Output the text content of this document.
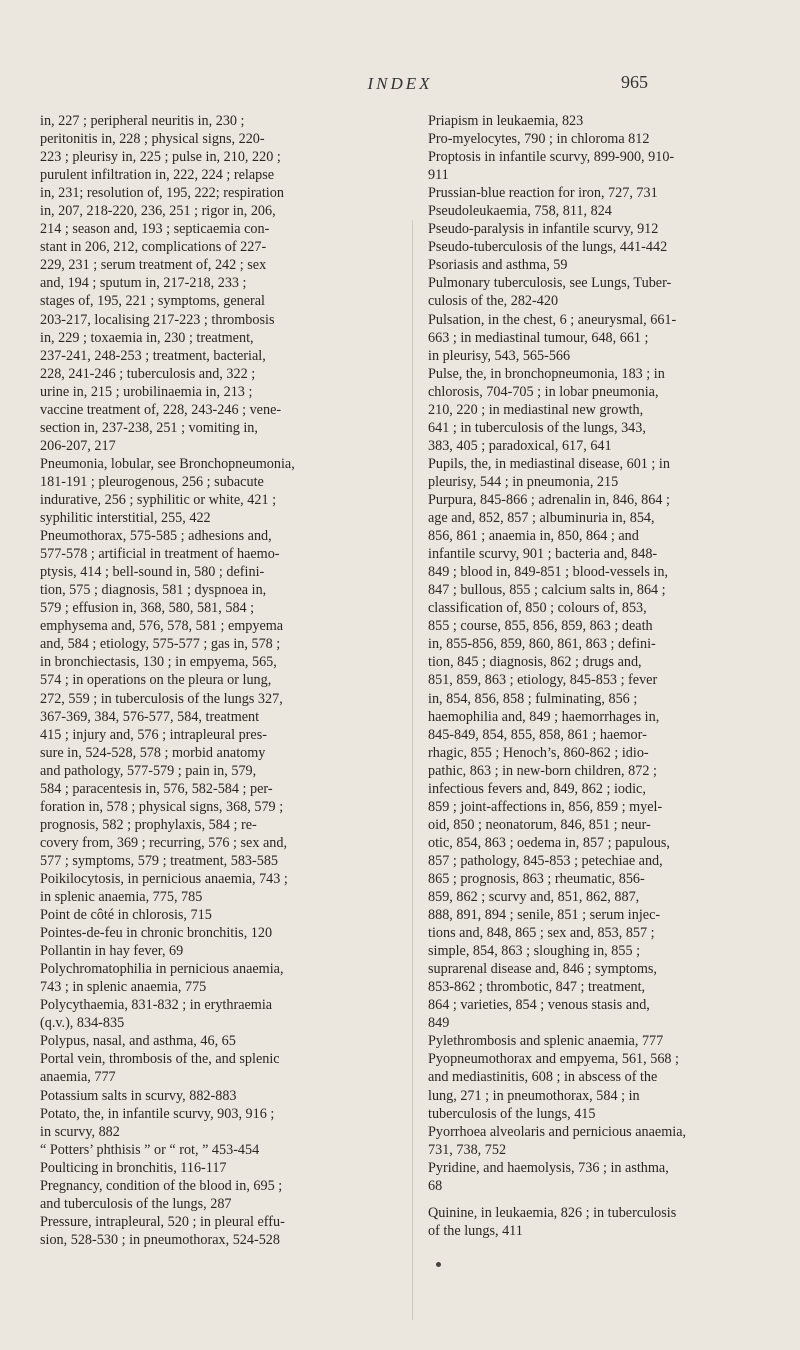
INDEX	965

in, 227 ; peripheral neuritis in, 230 ;
peritonitis in, 228 ; physical signs, 220-
223 ; pleurisy in, 225 ; pulse in, 210, 220 ;
purulent infiltration in, 222, 224 ; relapse
in, 231; resolution of, 195, 222; respiration
in, 207, 218-220, 236, 251 ; rigor in, 206,
214 ; season and, 193 ; septicaemia con-
stant in 206, 212, complications of 227-
229, 231 ; serum treatment of, 242 ; sex
and, 194 ; sputum in, 217-218, 233 ;
stages of, 195, 221 ; symptoms, general
203-217, localising 217-223 ; thrombosis
in, 229 ; toxaemia in, 230 ; treatment,
237-241, 248-253 ; treatment, bacterial,
228, 241-246 ; tuberculosis and, 322 ;
urine in, 215 ; urobilinaemia in, 213 ;
vaccine treatment of, 228, 243-246 ; vene-
section in, 237-238, 251 ; vomiting in,
206-207, 217

Pneumonia, lobular, see Bronchopneumonia,
181-191 ; pleurogenous, 256 ; subacute
indurative, 256 ; syphilitic or white, 421 ;
syphilitic interstitial, 255, 422

Pneumothorax, 575-585 ; adhesions and,
577-578 ; artificial in treatment of haemo-
ptysis, 414 ; bell-sound in, 580 ; defini-
tion, 575 ; diagnosis, 581 ; dyspnoea in,
579 ; effusion in, 368, 580, 581, 584 ;
emphysema and, 576, 578, 581 ; empyema
and, 584 ; etiology, 575-577 ; gas in, 578 ;
in bronchiectasis, 130 ; in empyema, 565,
574 ; in operations on the pleura or lung,
272, 559 ; in tuberculosis of the lungs 327,
367-369, 384, 576-577, 584, treatment
415 ; injury and, 576 ; intrapleural pres-
sure in, 524-528, 578 ; morbid anatomy
and pathology, 577-579 ; pain in, 579,
584 ; paracentesis in, 576, 582-584 ; per-
foration in, 578 ; physical signs, 368, 579 ;
prognosis, 582 ; prophylaxis, 584 ; re-
covery from, 369 ; recurring, 576 ; sex and,
577 ; symptoms, 579 ; treatment, 583-585

Poikilocytosis, in pernicious anaemia, 743 ;
in splenic anaemia, 775, 785

Point de côté in chlorosis, 715

Pointes-de-feu in chronic bronchitis, 120

Pollantin in hay fever, 69

Polychromatophilia in pernicious anaemia,
743 ; in splenic anaemia, 775

Polycythaemia, 831-832 ; in erythraemia
(q.v.), 834-835

Polypus, nasal, and asthma, 46, 65

Portal vein, thrombosis of the, and splenic
anaemia, 777

Potassium salts in scurvy, 882-883

Potato, the, in infantile scurvy, 903, 916 ;
in scurvy, 882

“ Potters’ phthisis ” or “ rot, ” 453-454

Poulticing in bronchitis, 116-117

Pregnancy, condition of the blood in, 695 ;
and tuberculosis of the lungs, 287

Pressure, intrapleural, 520 ; in pleural effu-
sion, 528-530 ; in pneumothorax, 524-528

Priapism in leukaemia, 823

Pro-myelocytes, 790 ; in chloroma 812

Proptosis in infantile scurvy, 899-900, 910-
911

Prussian-blue reaction for iron, 727, 731

Pseudoleukaemia, 758, 811, 824

Pseudo-paralysis in infantile scurvy, 912

Pseudo-tuberculosis of the lungs, 441-442

Psoriasis and asthma, 59

Pulmonary tuberculosis, see Lungs, Tuber-
culosis of the, 282-420

Pulsation, in the chest, 6 ; aneurysmal, 661-
663 ; in mediastinal tumour, 648, 661 ;
in pleurisy, 543, 565-566

Pulse, the, in bronchopneumonia, 183 ; in
chlorosis, 704-705 ; in lobar pneumonia,
210, 220 ; in mediastinal new growth,
641 ; in tuberculosis of the lungs, 343,
383, 405 ; paradoxical, 617, 641

Pupils, the, in mediastinal disease, 601 ; in
pleurisy, 544 ; in pneumonia, 215

Purpura, 845-866 ; adrenalin in, 846, 864 ;
age and, 852, 857 ; albuminuria in, 854,
856, 861 ; anaemia in, 850, 864 ; and
infantile scurvy, 901 ; bacteria and, 848-
849 ; blood in, 849-851 ; blood-vessels in,
847 ; bullous, 855 ; calcium salts in, 864 ;
classification of, 850 ; colours of, 853,
855 ; course, 855, 856, 859, 863 ; death
in, 855-856, 859, 860, 861, 863 ; defini-
tion, 845 ; diagnosis, 862 ; drugs and,
851, 859, 863 ; etiology, 845-853 ; fever
in, 854, 856, 858 ; fulminating, 856 ;
haemophilia and, 849 ; haemorrhages in,
845-849, 854, 855, 858, 861 ; haemor-
rhagic, 855 ; Henoch’s, 860-862 ; idio-
pathic, 863 ; in new-born children, 872 ;
infectious fevers and, 849, 862 ; iodic,
859 ; joint-affections in, 856, 859 ; myel-
oid, 850 ; neonatorum, 846, 851 ; neur-
otic, 854, 863 ; oedema in, 857 ; papulous,
857 ; pathology, 845-853 ; petechiae and,
865 ; prognosis, 863 ; rheumatic, 856-
859, 862 ; scurvy and, 851, 862, 887,
888, 891, 894 ; senile, 851 ; serum injec-
tions and, 848, 865 ; sex and, 853, 857 ;
simple, 854, 863 ; sloughing in, 855 ;
suprarenal disease and, 846 ; symptoms,
853-862 ; thrombotic, 847 ; treatment,
864 ; varieties, 854 ; venous stasis and,
849

Pylethrombosis and splenic anaemia, 777

Pyopneumothorax and empyema, 561, 568 ;
and mediastinitis, 608 ; in abscess of the
lung, 271 ; in pneumothorax, 584 ; in
tuberculosis of the lungs, 415

Pyorrhoea alveolaris and pernicious anaemia,
731, 738, 752

Pyridine, and haemolysis, 736 ; in asthma,
68

Quinine, in leukaemia, 826 ; in tuberculosis
of the lungs, 411
